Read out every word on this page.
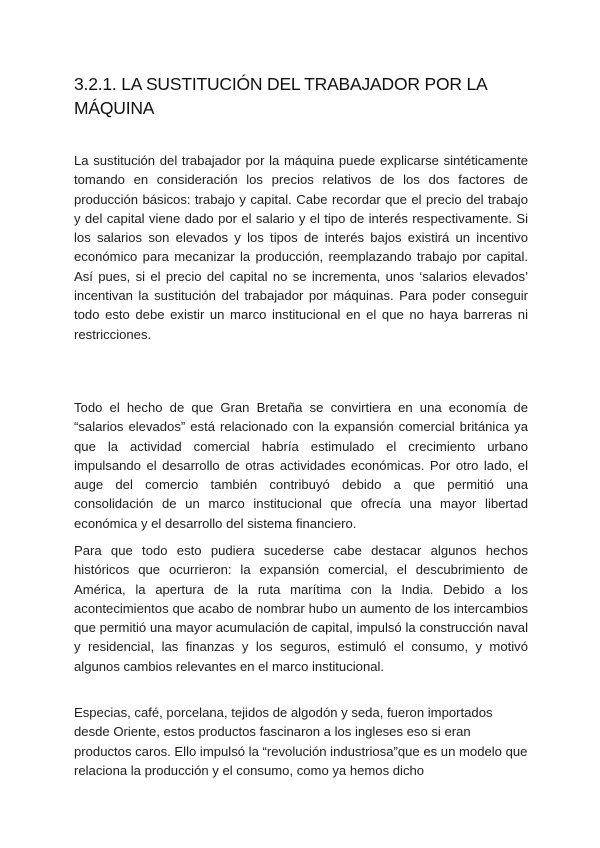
3.2.1. LA SUSTITUCIÓN DEL TRABAJADOR POR LA MÁQUINA

La sustitución del trabajador por la máquina puede explicarse sintéticamente tomando en consideración los precios relativos de los dos factores de producción básicos: trabajo y capital. Cabe recordar que el precio del trabajo y del capital viene dado por el salario y el tipo de interés respectivamente. Si los salarios son elevados y los tipos de interés bajos existirá un incentivo económico para mecanizar la producción, reemplazando trabajo por capital. Así pues, si el precio del capital no se incrementa, unos ‘salarios elevados’ incentivan la sustitución del trabajador por máquinas. Para poder conseguir todo esto debe existir un marco institucional en el que no haya barreras ni restricciones.

Todo el hecho de que Gran Bretaña se convirtiera en una economía de “salarios elevados” está relacionado con la expansión comercial británica ya que la actividad comercial habría estimulado el crecimiento urbano impulsando el desarrollo de otras actividades económicas. Por otro lado, el auge del comercio también contribuyó debido a que permitió una consolidación de un marco institucional que ofrecía una mayor libertad económica y el desarrollo del sistema financiero.

Para que todo esto pudiera sucederse cabe destacar algunos hechos históricos que ocurrieron: la expansión comercial, el descubrimiento de América, la apertura de la ruta marítima con la India. Debido a los acontecimientos que acabo de nombrar hubo un aumento de los intercambios que permitió una mayor acumulación de capital, impulsó la construcción naval y residencial, las finanzas y los seguros, estimuló el consumo, y motivó algunos cambios relevantes en el marco institucional.

Especias, café, porcelana, tejidos de algodón y seda, fueron importados desde Oriente, estos productos fascinaron a los ingleses eso si eran productos caros. Ello impulsó la “revolución industriosa”que es un modelo que relaciona la producción y el consumo, como ya hemos dicho
